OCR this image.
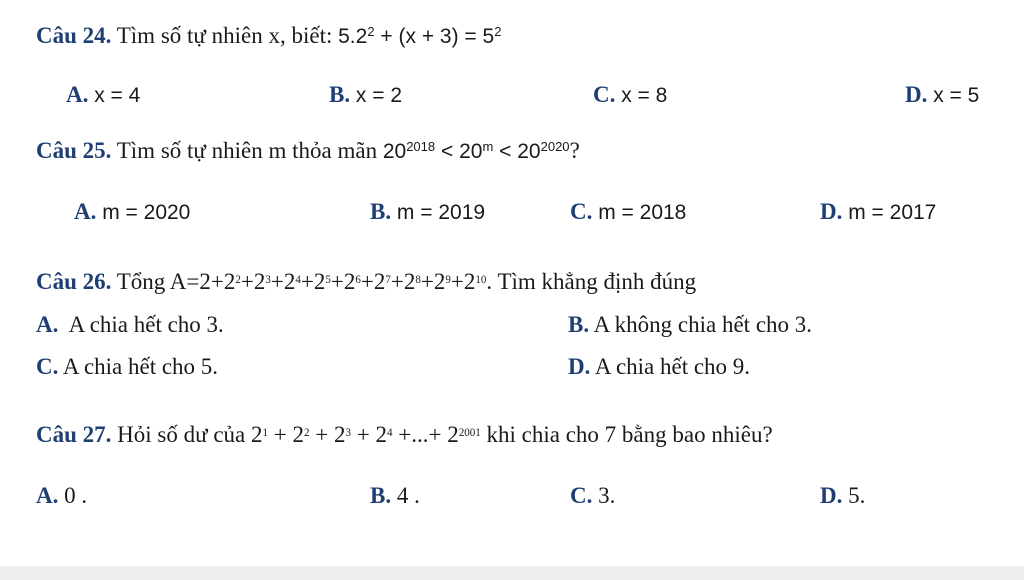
Câu 24. Tìm số tự nhiên x, biết: $5.2^2 + (x + 3) = 5^2$
A. x = 4	B. x = 2	C. x = 8	D. x = 5
Câu 25. Tìm số tự nhiên m thỏa mãn $20^{2018} < 20^m < 20^{2020}$?
A. m = 2020	B. m = 2019	C. m = 2018	D. m = 2017
Câu 26. Tổng $A=2+2^2+2^3+2^4+2^5+2^6+2^7+2^8+2^9+2^{10}$. Tìm khẳng định đúng
A.  A chia hết cho 3.	B. A không chia hết cho 3.
C. A chia hết cho 5.	D. A chia hết cho 9.
Câu 27. Hỏi số dư của $2^1 + 2^2 + 2^3 + 2^4$ +...+ $2^{2001}$ khi chia cho 7 bằng bao nhiêu?
A. 0 .	B. 4 .	C. 3.	D. 5.
